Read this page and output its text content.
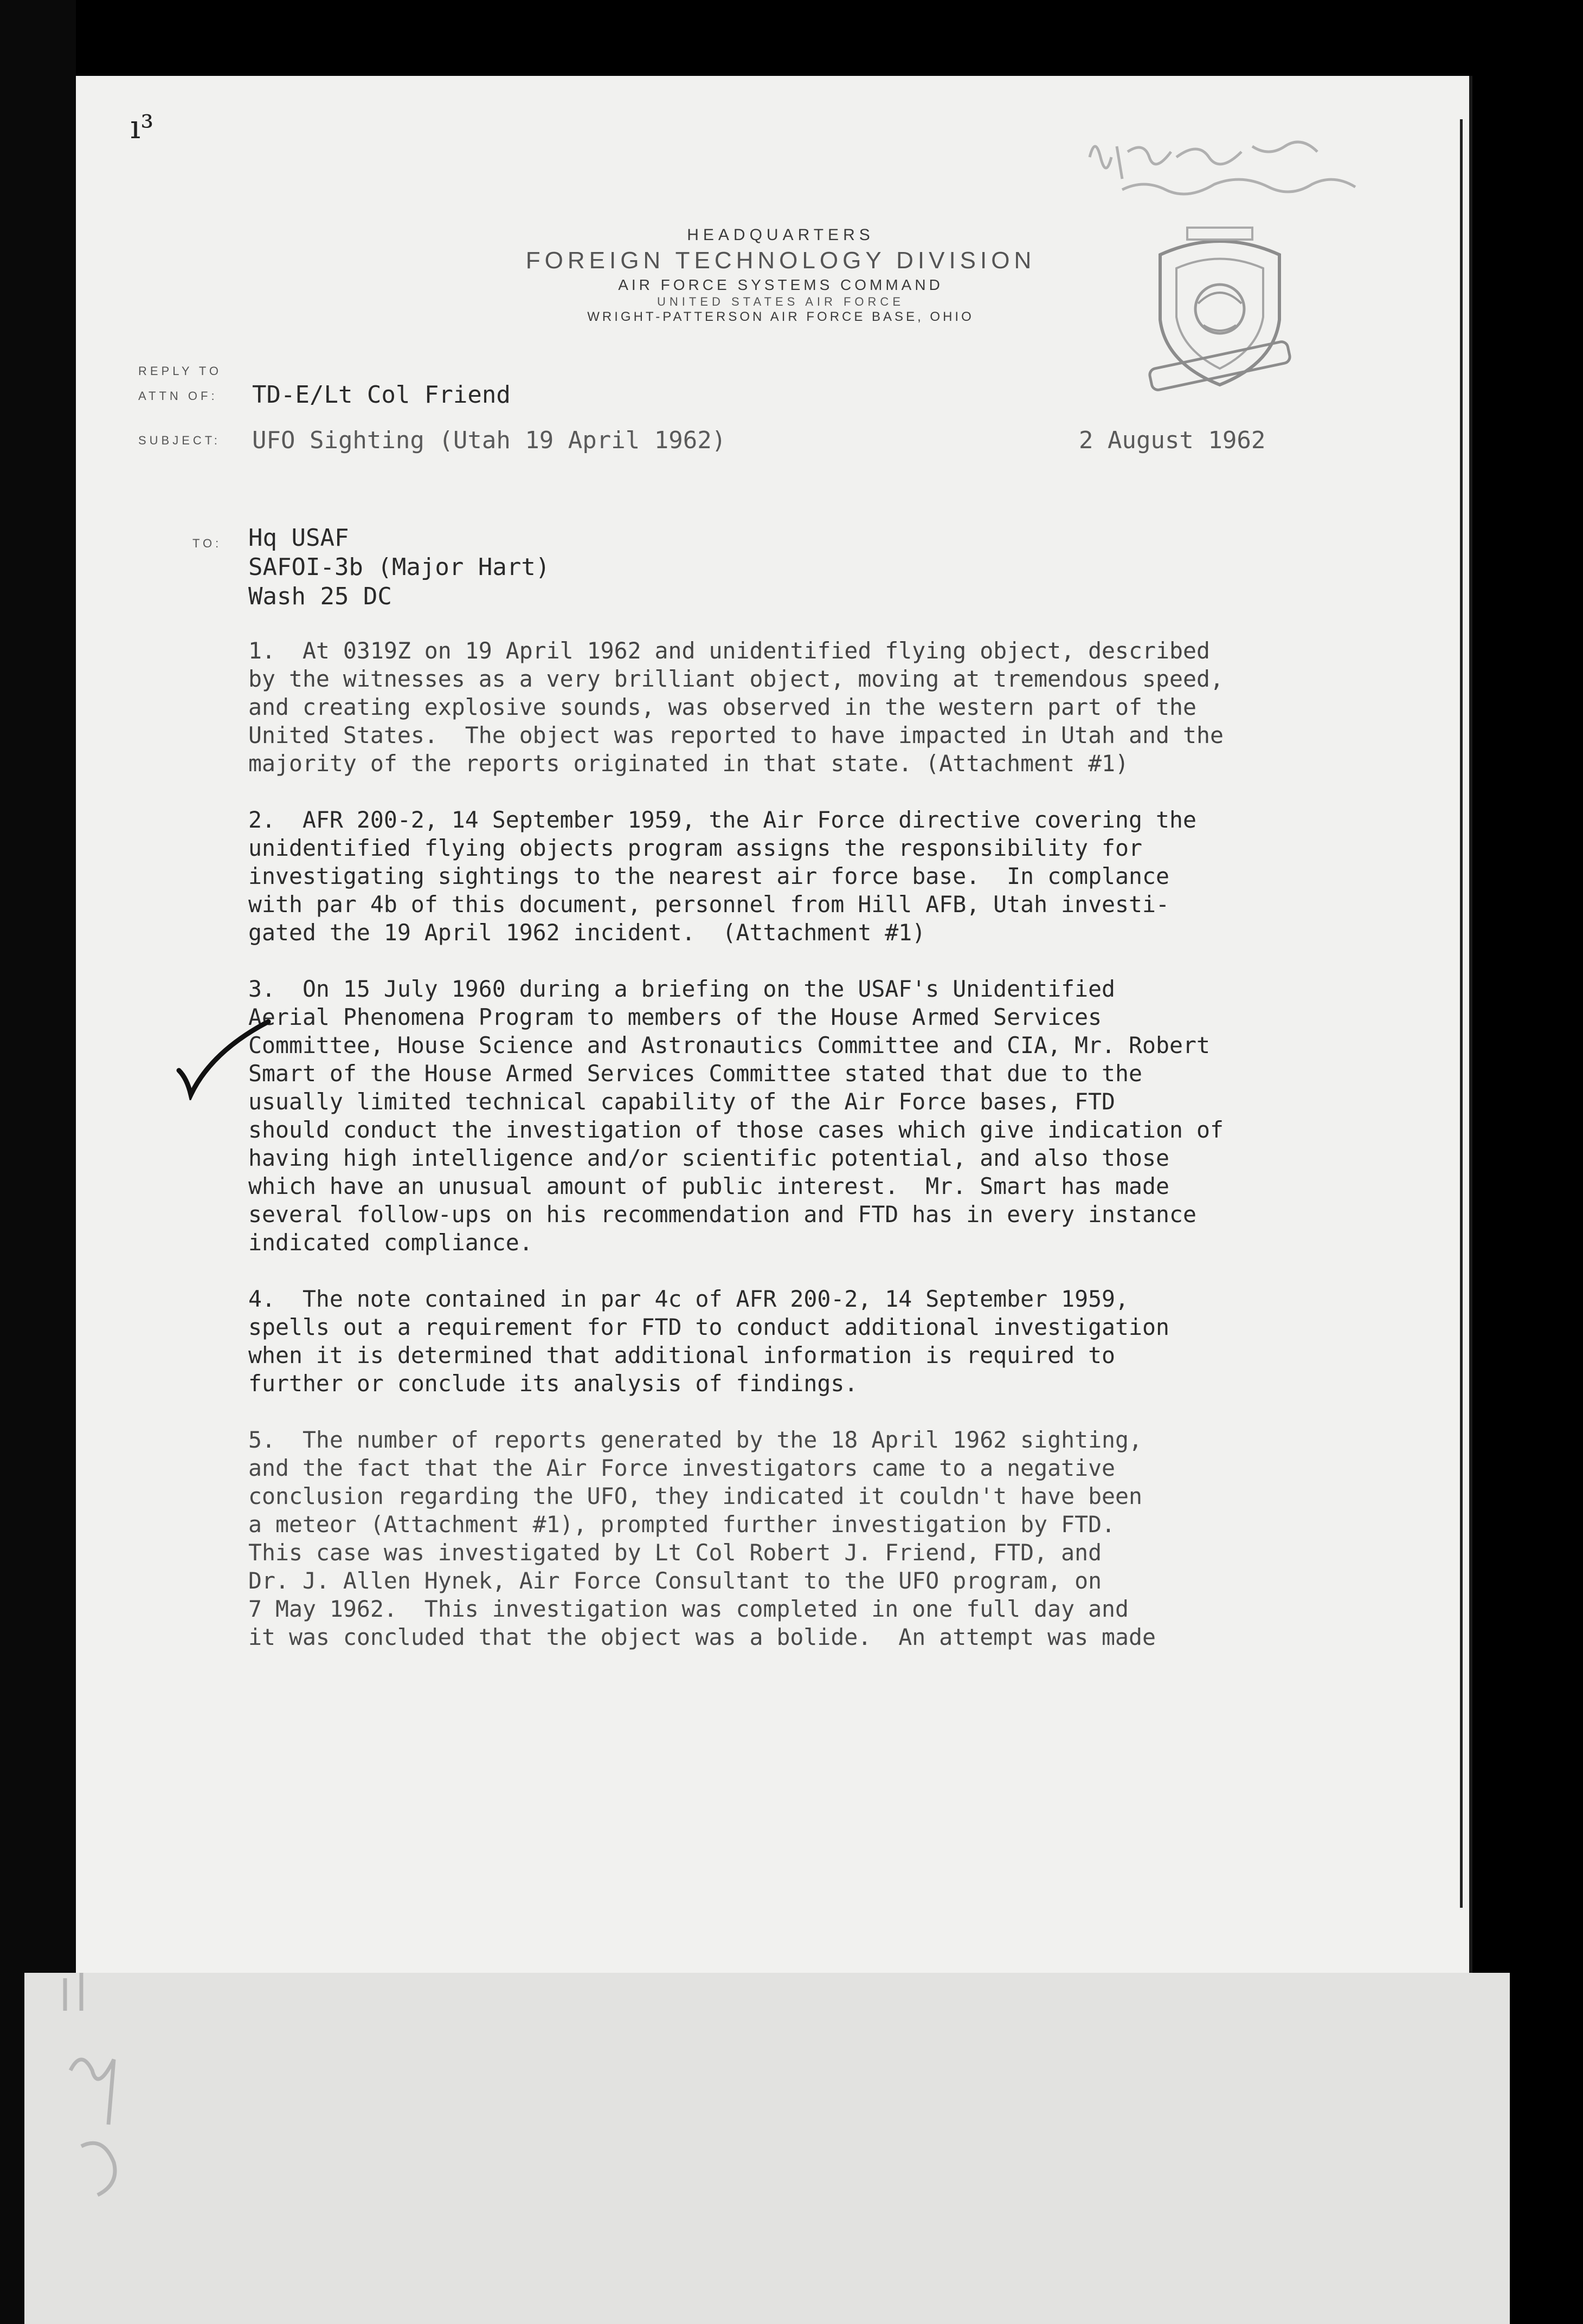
ı³
HEADQUARTERS
FOREIGN TECHNOLOGY DIVISION
AIR FORCE SYSTEMS COMMAND
UNITED STATES AIR FORCE
WRIGHT-PATTERSON AIR FORCE BASE, OHIO
REPLY TO
ATTN OF: TD-E/Lt Col Friend
SUBJECT: UFO Sighting (Utah 19 April 1962)	2 August 1962
TO: Hq USAF
SAFOI-3b (Major Hart)
Wash 25 DC
1.  At 0319Z on 19 April 1962 and unidentified flying object, described
by the witnesses as a very brilliant object, moving at tremendous speed,
and creating explosive sounds, was observed in the western part of the
United States.  The object was reported to have impacted in Utah and the
majority of the reports originated in that state. (Attachment #1)
2.  AFR 200-2, 14 September 1959, the Air Force directive covering the
unidentified flying objects program assigns the responsibility for
investigating sightings to the nearest air force base.  In complance
with par 4b of this document, personnel from Hill AFB, Utah investi-
gated the 19 April 1962 incident.  (Attachment #1)
3.  On 15 July 1960 during a briefing on the USAF's Unidentified
Aerial Phenomena Program to members of the House Armed Services
Committee, House Science and Astronautics Committee and CIA, Mr. Robert
Smart of the House Armed Services Committee stated that due to the
usually limited technical capability of the Air Force bases, FTD
should conduct the investigation of those cases which give indication of
having high intelligence and/or scientific potential, and also those
which have an unusual amount of public interest.  Mr. Smart has made
several follow-ups on his recommendation and FTD has in every instance
indicated compliance.
4.  The note contained in par 4c of AFR 200-2, 14 September 1959,
spells out a requirement for FTD to conduct additional investigation
when it is determined that additional information is required to
further or conclude its analysis of findings.
5.  The number of reports generated by the 18 April 1962 sighting,
and the fact that the Air Force investigators came to a negative
conclusion regarding the UFO, they indicated it couldn't have been
a meteor (Attachment #1), prompted further investigation by FTD.
This case was investigated by Lt Col Robert J. Friend, FTD, and
Dr. J. Allen Hynek, Air Force Consultant to the UFO program, on
7 May 1962.  This investigation was completed in one full day and
it was concluded that the object was a bolide.  An attempt was made
